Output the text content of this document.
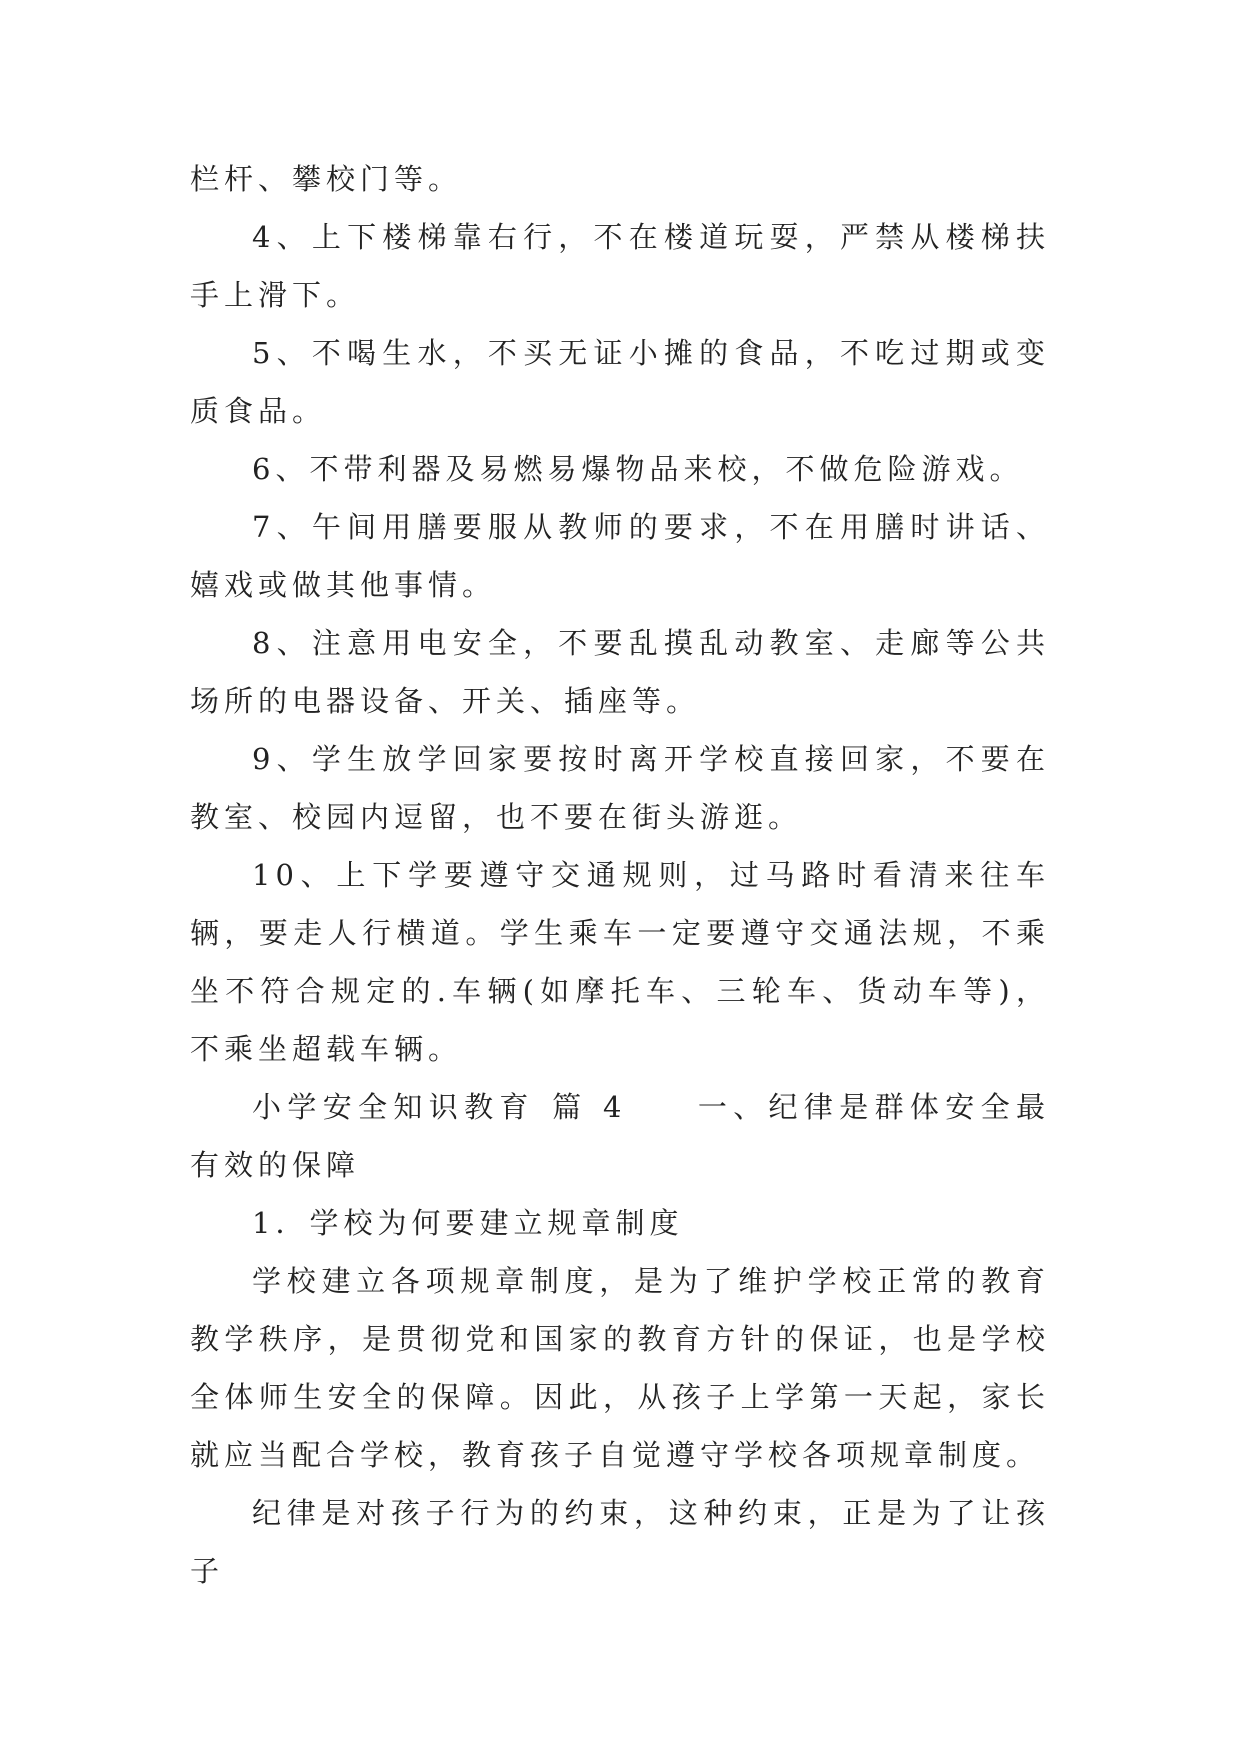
栏杆、攀校门等。

4、上下楼梯靠右行，不在楼道玩耍，严禁从楼梯扶手上滑下。

5、不喝生水，不买无证小摊的食品，不吃过期或变质食品。

6、不带利器及易燃易爆物品来校，不做危险游戏。

7、午间用膳要服从教师的要求，不在用膳时讲话、嬉戏或做其他事情。

8、注意用电安全，不要乱摸乱动教室、走廊等公共场所的电器设备、开关、插座等。

9、学生放学回家要按时离开学校直接回家，不要在教室、校园内逗留，也不要在街头游逛。

10、上下学要遵守交通规则，过马路时看清来往车辆，要走人行横道。学生乘车一定要遵守交通法规，不乘坐不符合规定的.车辆(如摩托车、三轮车、货动车等)，不乘坐超载车辆。

小学安全知识教育 篇 4 一、纪律是群体安全最有效的保障

1．学校为何要建立规章制度

学校建立各项规章制度，是为了维护学校正常的教育教学秩序，是贯彻党和国家的教育方针的保证，也是学校全体师生安全的保障。因此，从孩子上学第一天起，家长就应当配合学校，教育孩子自觉遵守学校各项规章制度。

纪律是对孩子行为的约束，这种约束，正是为了让孩子
